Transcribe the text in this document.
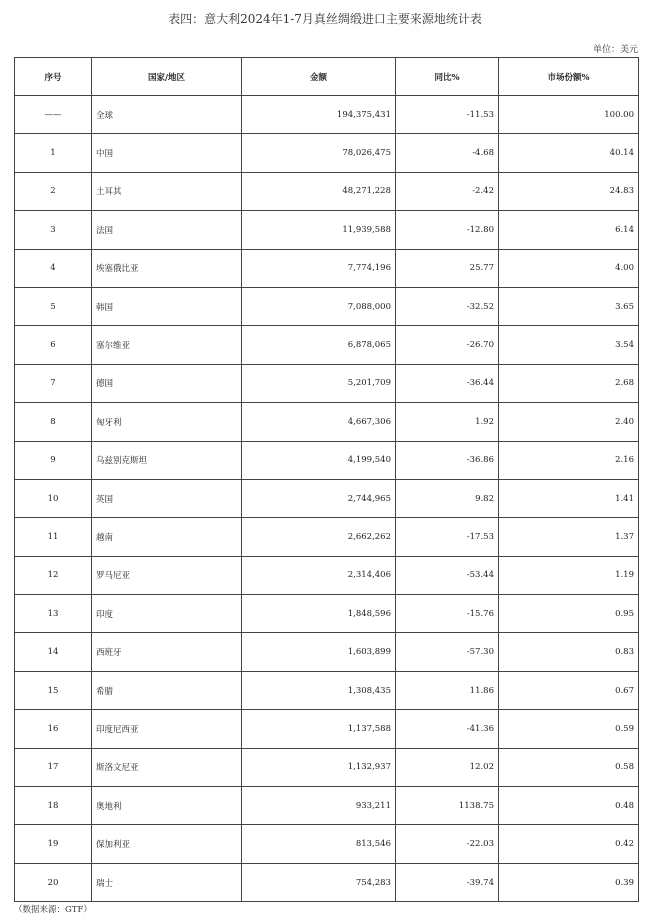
表四：意大利2024年1-7月真丝绸缎进口主要来源地统计表
单位：美元
序号	国家/地区	金额	同比%	市场份额%
——	全球	194,375,431	-11.53	100.00
1	中国	78,026,475	-4.68	40.14
2	土耳其	48,271,228	-2.42	24.83
3	法国	11,939,588	-12.80	6.14
4	埃塞俄比亚	7,774,196	25.77	4.00
5	韩国	7,088,000	-32.52	3.65
6	塞尔维亚	6,878,065	-26.70	3.54
7	德国	5,201,709	-36.44	2.68
8	匈牙利	4,667,306	1.92	2.40
9	乌兹别克斯坦	4,199,540	-36.86	2.16
10	英国	2,744,965	9.82	1.41
11	越南	2,662,262	-17.53	1.37
12	罗马尼亚	2,314,406	-53.44	1.19
13	印度	1,848,596	-15.76	0.95
14	西班牙	1,603,899	-57.30	0.83
15	希腊	1,308,435	11.86	0.67
16	印度尼西亚	1,137,588	-41.36	0.59
17	斯洛文尼亚	1,132,937	12.02	0.58
18	奥地利	933,211	1138.75	0.48
19	保加利亚	813,546	-22.03	0.42
20	瑞士	754,283	-39.74	0.39
（数据来源：GTF）
